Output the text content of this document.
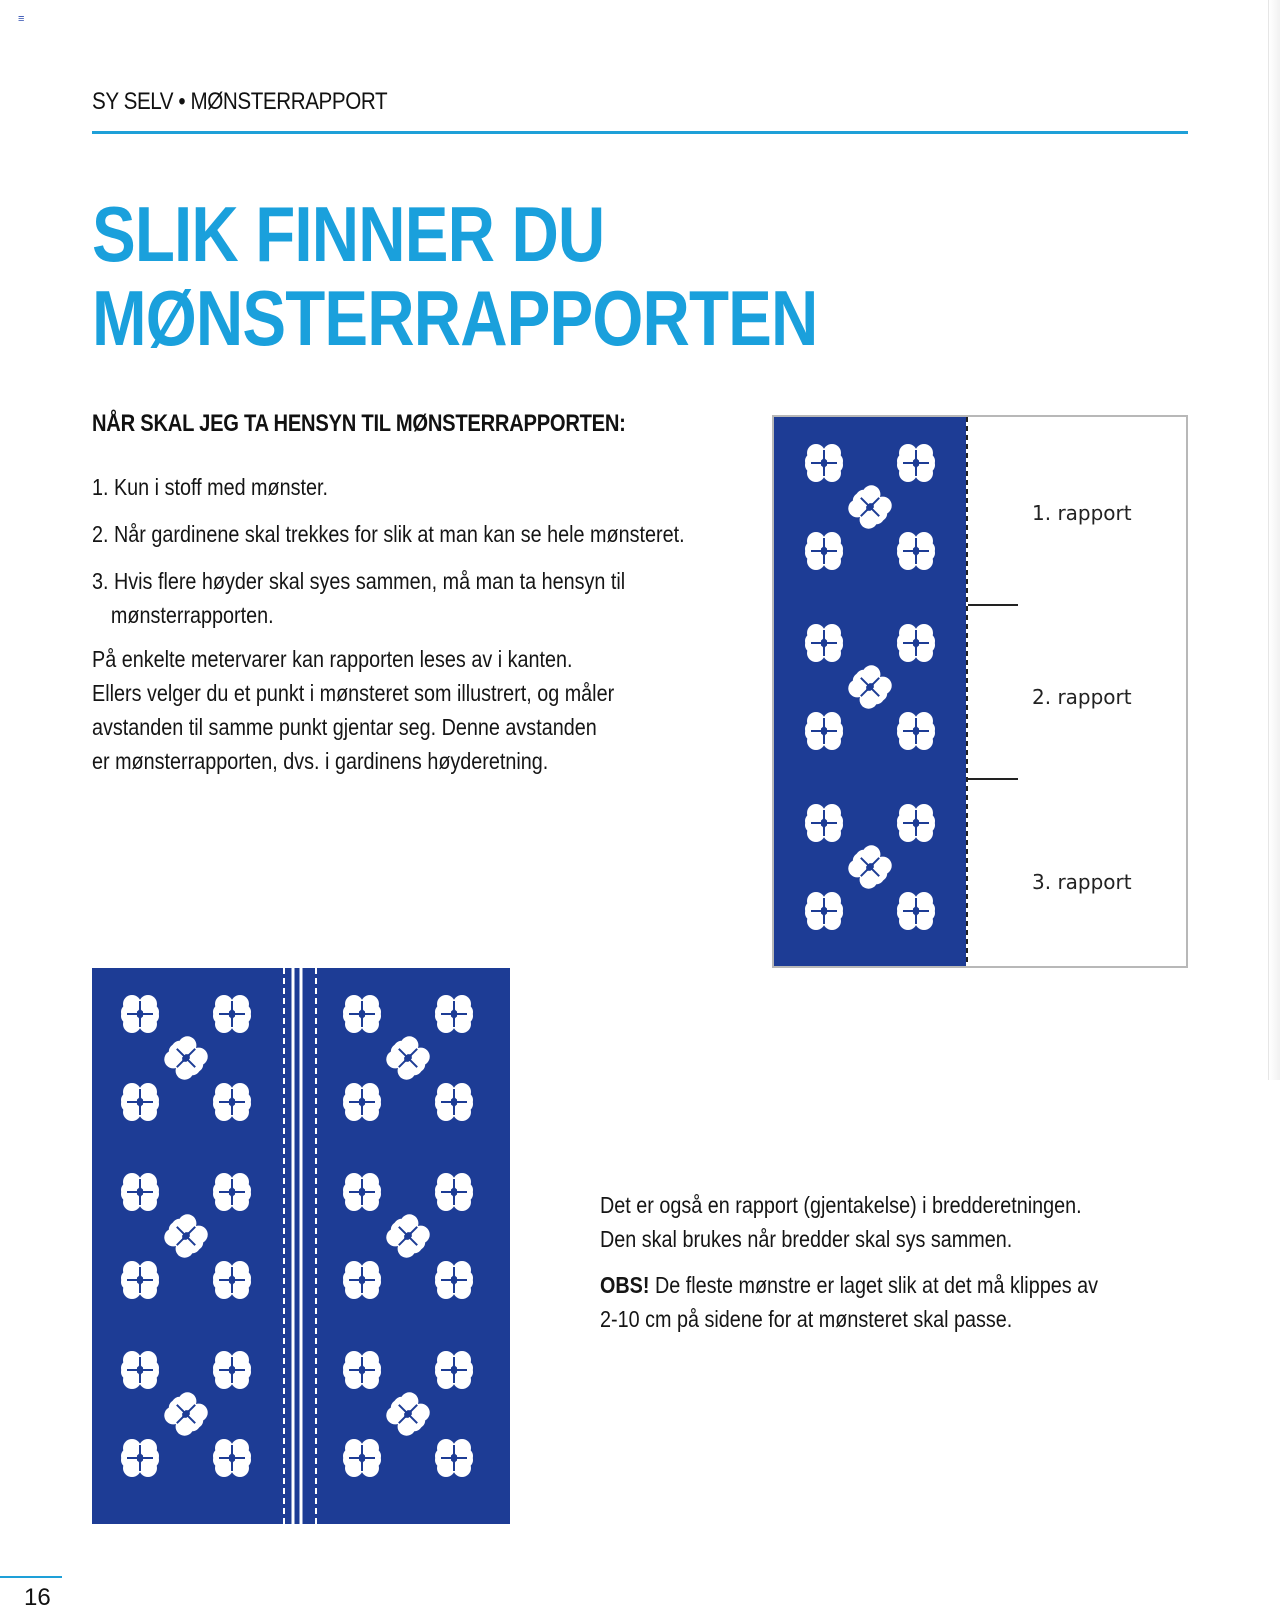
≡
SY SELV • MØNSTERRAPPORT
SLIK FINNER DU
MØNSTERRAPPORTEN
NÅR SKAL JEG TA HENSYN TIL MØNSTERRAPPORTEN:
1. Kun i stoff med mønster.
2. Når gardinene skal trekkes for slik at man kan se hele mønsteret.
3. Hvis flere høyder skal syes sammen, må man ta hensyn til
mønsterrapporten.
På enkelte metervarer kan rapporten leses av i kanten.
Ellers velger du et punkt i mønsteret som illustrert, og måler
avstanden til samme punkt gjentar seg. Denne avstanden
er mønsterrapporten, dvs. i gardinens høyderetning.
1. rapport
2. rapport
3. rapport
Det er også en rapport (gjentakelse) i bredderetningen.
Den skal brukes når bredder skal sys sammen.
OBS! De fleste mønstre er laget slik at det må klippes av
2-10 cm på sidene for at mønsteret skal passe.
16
